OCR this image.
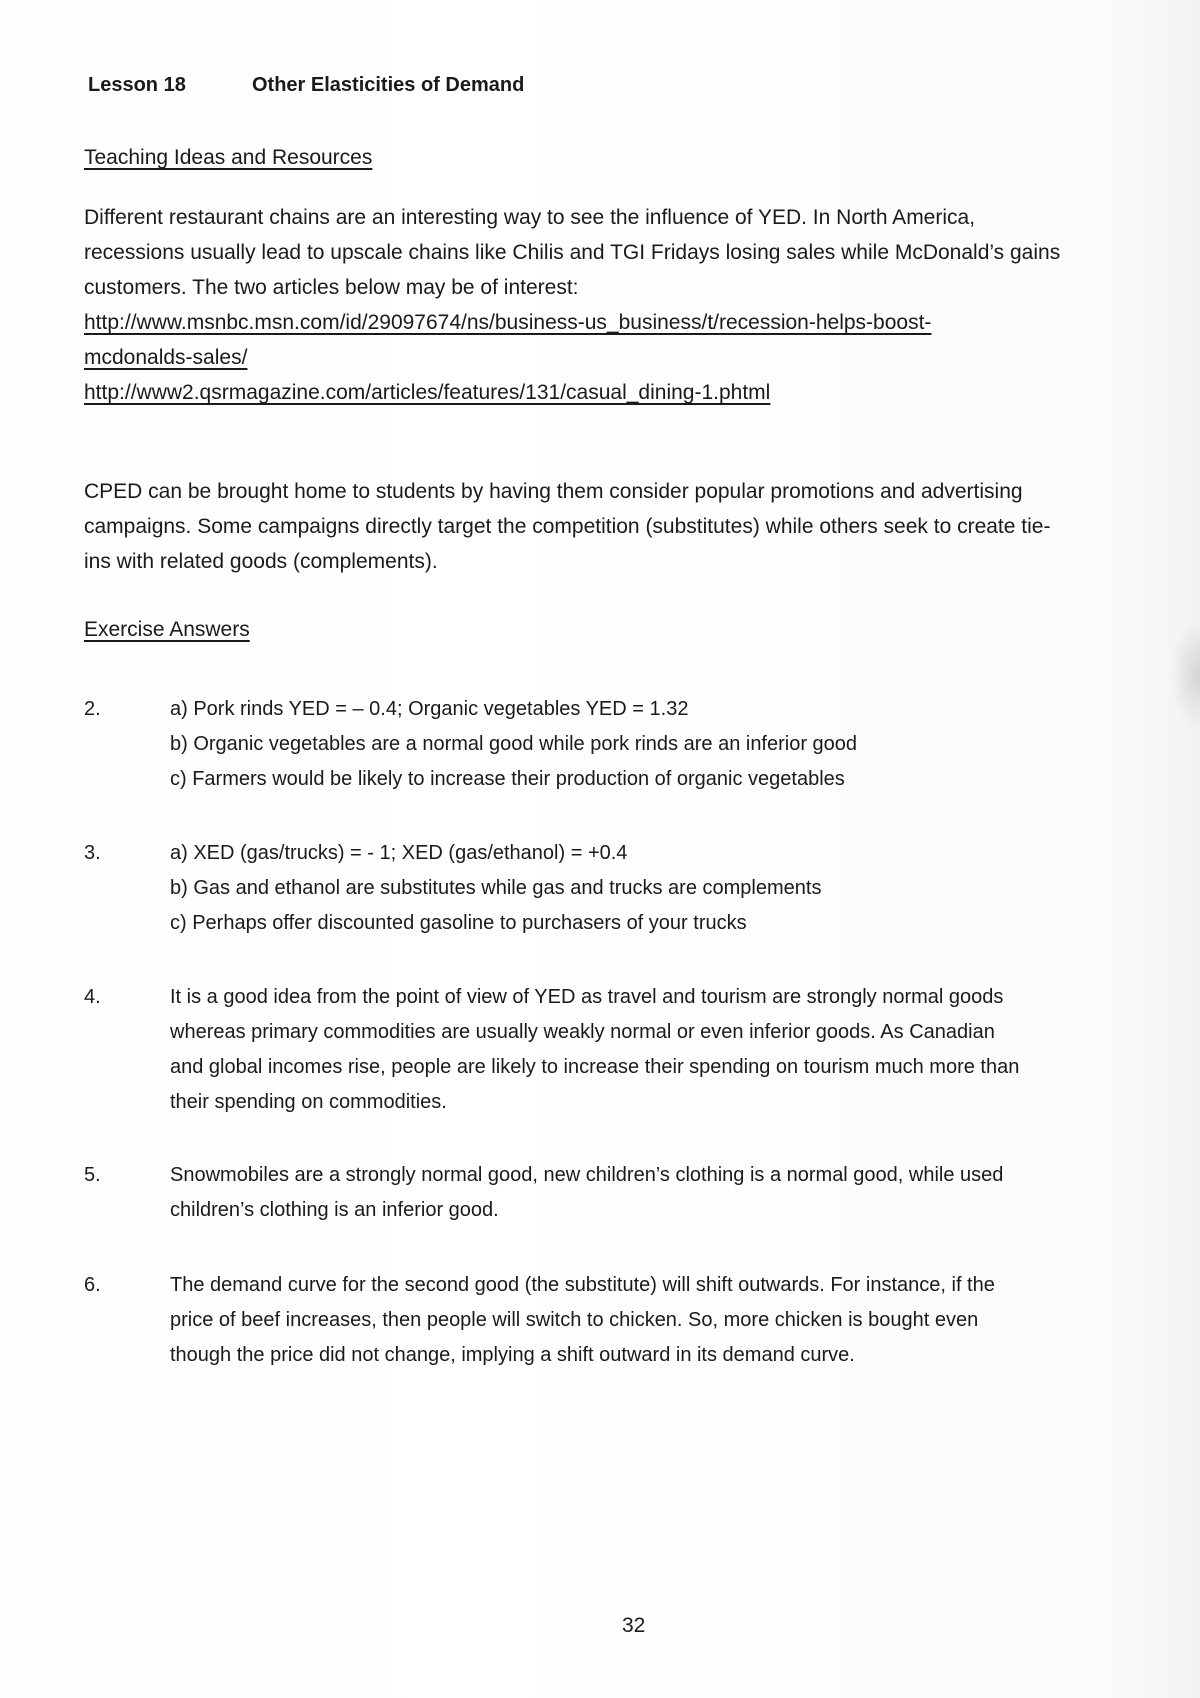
Lesson 18	Other Elasticities of Demand
Teaching Ideas and Resources
Different restaurant chains are an interesting way to see the influence of YED. In North America,
recessions usually lead to upscale chains like Chilis and TGI Fridays losing sales while McDonald’s gains
customers. The two articles below may be of interest:
http://www.msnbc.msn.com/id/29097674/ns/business-us_business/t/recession-helps-boost-
mcdonalds-sales/
http://www2.qsrmagazine.com/articles/features/131/casual_dining-1.phtml
CPED can be brought home to students by having them consider popular promotions and advertising
campaigns. Some campaigns directly target the competition (substitutes) while others seek to create tie-
ins with related goods (complements).
Exercise Answers
2.	a) Pork rinds YED = – 0.4; Organic vegetables YED = 1.32
b) Organic vegetables are a normal good while pork rinds are an inferior good
c) Farmers would be likely to increase their production of organic vegetables
3.	a) XED (gas/trucks) = - 1; XED (gas/ethanol) = +0.4
b) Gas and ethanol are substitutes while gas and trucks are complements
c) Perhaps offer discounted gasoline to purchasers of your trucks
4.	It is a good idea from the point of view of YED as travel and tourism are strongly normal goods
whereas primary commodities are usually weakly normal or even inferior goods. As Canadian
and global incomes rise, people are likely to increase their spending on tourism much more than
their spending on commodities.
5.	Snowmobiles are a strongly normal good, new children’s clothing is a normal good, while used
children’s clothing is an inferior good.
6.	The demand curve for the second good (the substitute) will shift outwards. For instance, if the
price of beef increases, then people will switch to chicken. So, more chicken is bought even
though the price did not change, implying a shift outward in its demand curve.
32
